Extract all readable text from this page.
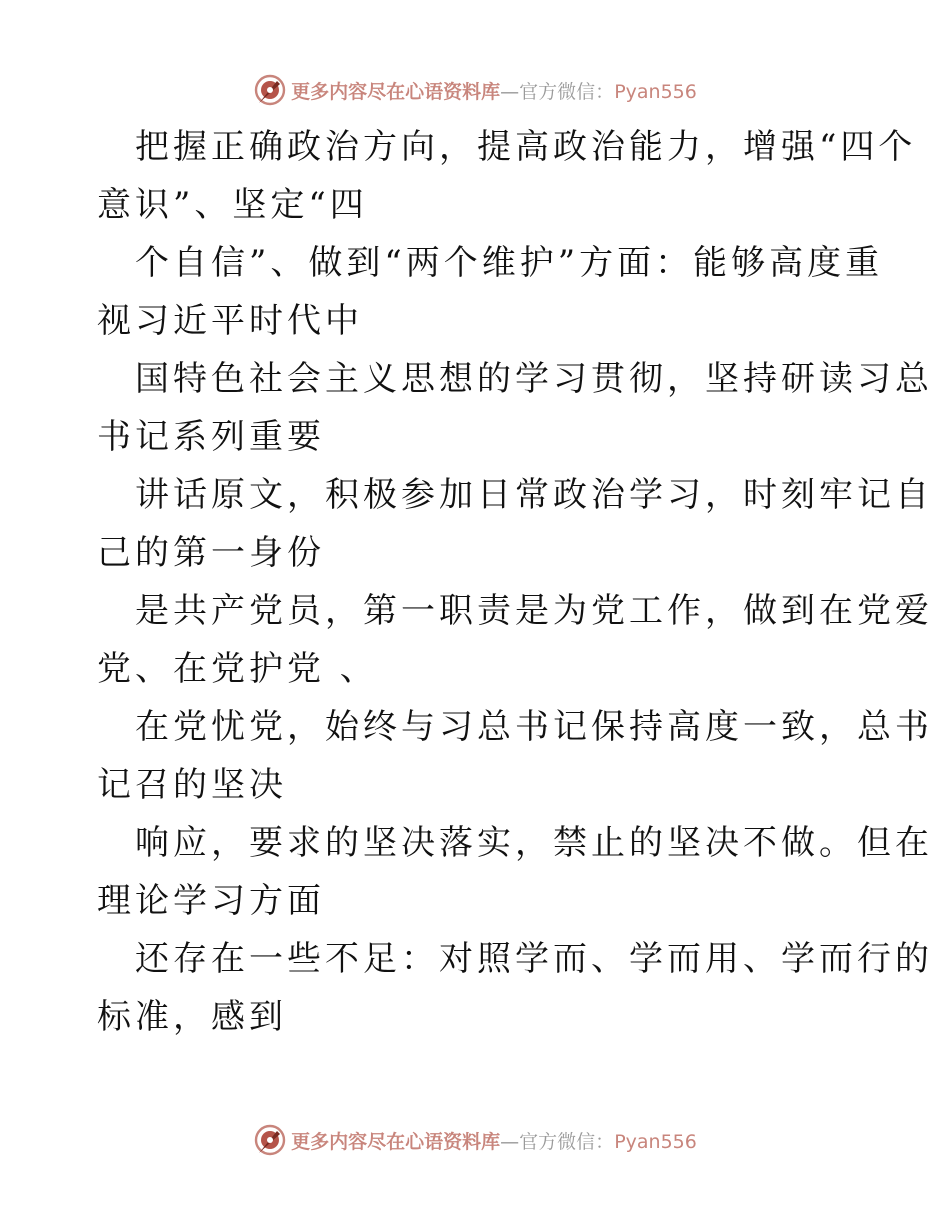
更多内容尽在心语资料库—官方微信：Pyan556
把握正确政治方向，提高政治能力，增强“四个
意识”、坚定“四
个自信”、做到“两个维护”方面：能够高度重
视习近平时代中
国特色社会主义思想的学习贯彻，坚持研读习总
书记系列重要
讲话原文，积极参加日常政治学习，时刻牢记自
己的第一身份
是共产党员，第一职责是为党工作，做到在党爱
党、在党护党 、
在党忧党，始终与习总书记保持高度一致，总书
记召的坚决
响应，要求的坚决落实，禁止的坚决不做。但在
理论学习方面
还存在一些不足：对照学而、学而用、学而行的
标准，感到
更多内容尽在心语资料库—官方微信：Pyan556
